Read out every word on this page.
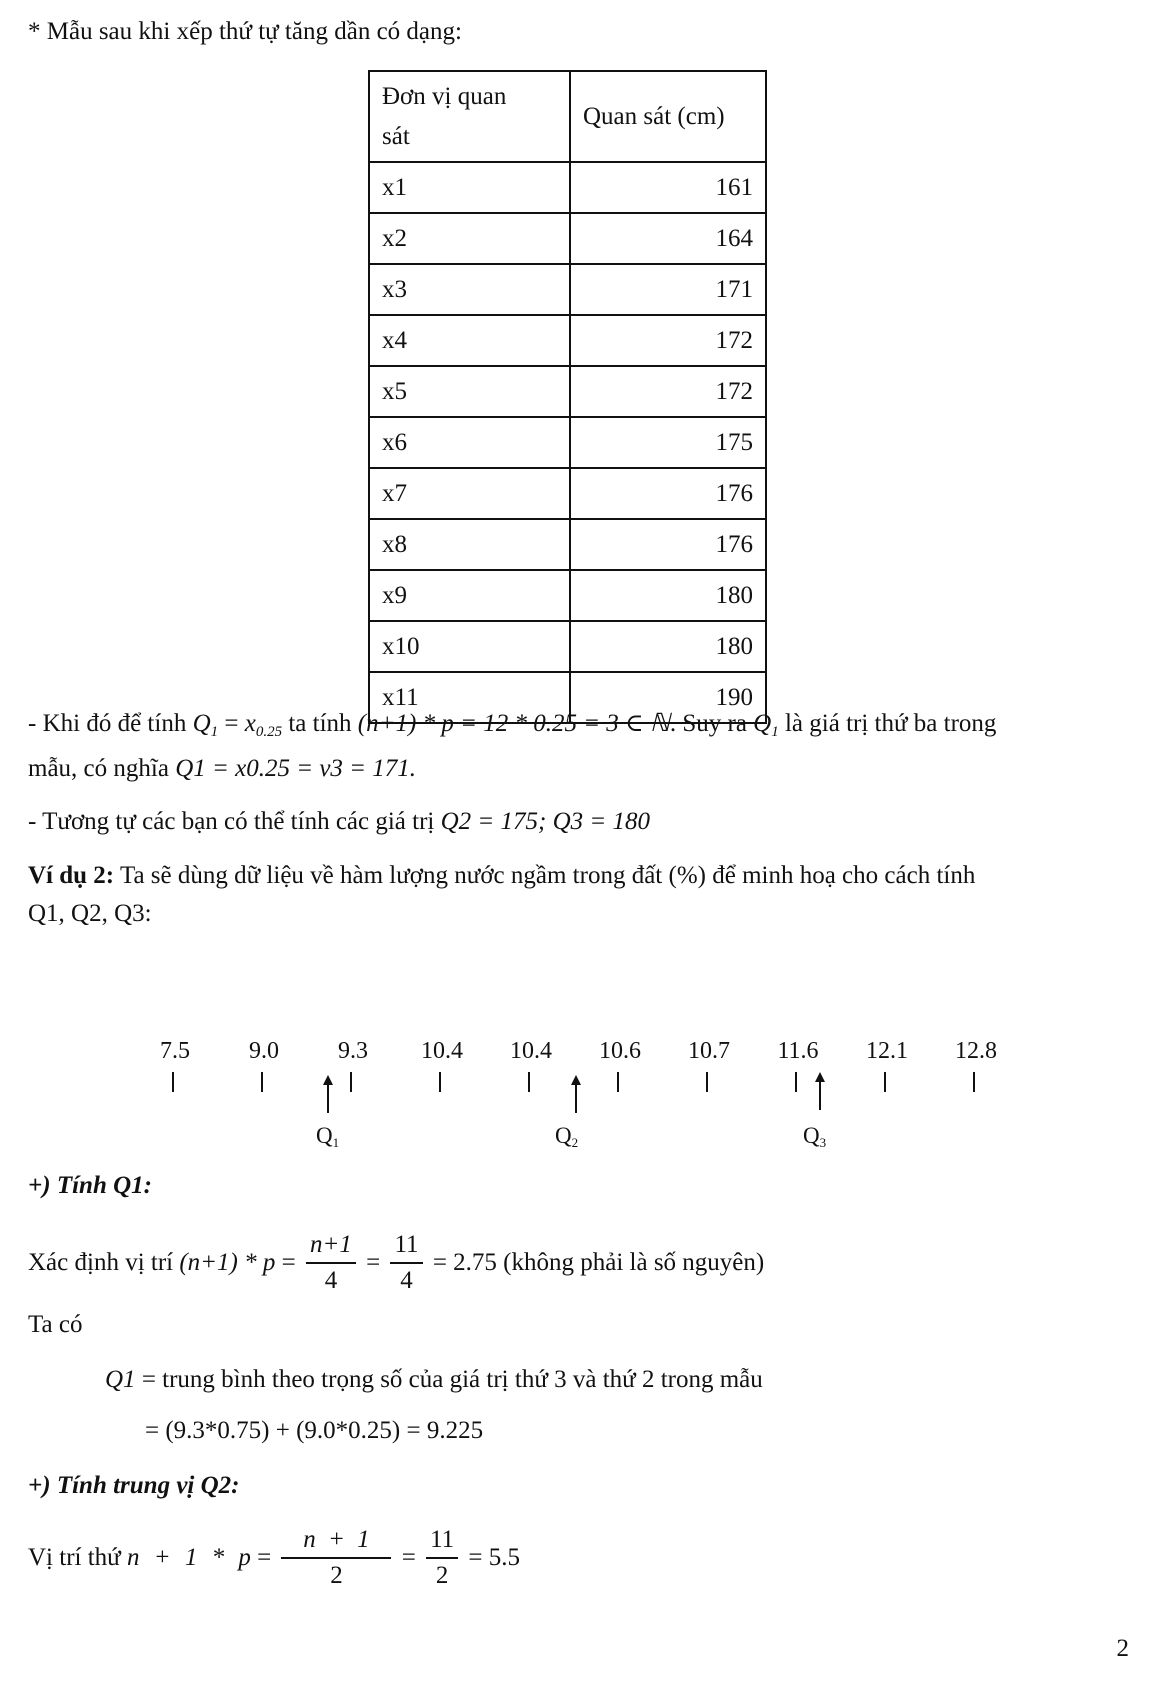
* Mẫu sau khi xếp thứ tự tăng dần có dạng:
Đơn vị quan
sát	Quan sát (cm)
x1	161
x2	164
x3	171
x4	172
x5	172
x6	175
x7	176
x8	176
x9	180
x10	180
x11	190
- Khi đó để tính $Q_1 = x_{0.25}$ ta tính (n+1) * p = 12 * 0.25 = 3 ∈ ℕ. Suy ra $Q_1$ là giá trị thứ ba trong
mẫu, có nghĩa Q1 = x0.25 = v3 = 171.
- Tương tự các bạn có thể tính các giá trị Q2 = 175; Q3 = 180
Ví dụ 2: Ta sẽ dùng dữ liệu về hàm lượng nước ngầm trong đất (%) để minh hoạ cho cách tính
Q1, Q2, Q3:
7.5	9.0	9.3	10.4	10.4	10.6	10.7	11.6	12.1	12.8
$Q_1$	$Q_2$	$Q_3$
+) Tính Q1:
Xác định vị trí $(n+1) * p = \frac{n+1}{4} = \frac{11}{4} = 2.75$ (không phải là số nguyên)
Ta có
Q1 = trung bình theo trọng số của giá trị thứ 3 và thứ 2 trong mẫu
= (9.3*0.75) + (9.0*0.25) = 9.225
+) Tính trung vị Q2:
Vị trí thứ $n + 1 * p = \frac{n + 1}{2} = \frac{11}{2} = 5.5$
2
